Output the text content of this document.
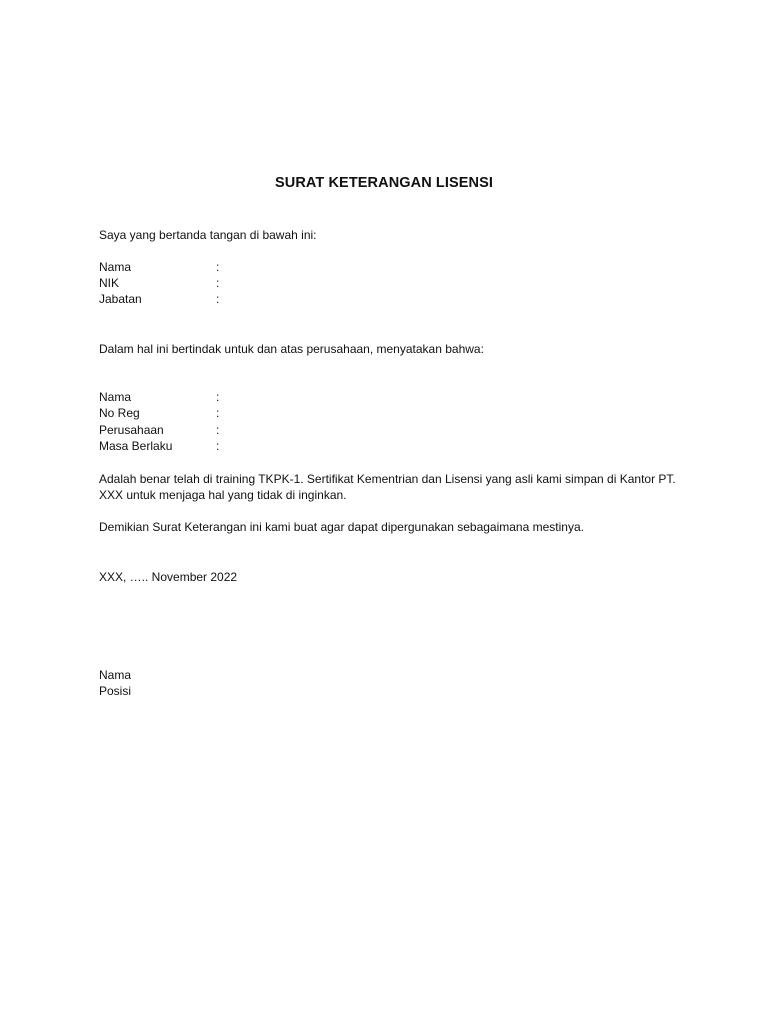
SURAT KETERANGAN LISENSI
Saya yang bertanda tangan di bawah ini:
Nama	:
NIK	:
Jabatan	:
Dalam hal ini bertindak untuk dan atas perusahaan, menyatakan bahwa:
Nama	:
No Reg	:
Perusahaan	:
Masa Berlaku	:
Adalah benar telah di training TKPK-1. Sertifikat Kementrian dan Lisensi yang asli kami simpan di Kantor PT.
XXX untuk menjaga hal yang tidak di inginkan.
Demikian Surat Keterangan ini kami buat agar dapat dipergunakan sebagaimana mestinya.
XXX, ….. November 2022
Nama
Posisi
